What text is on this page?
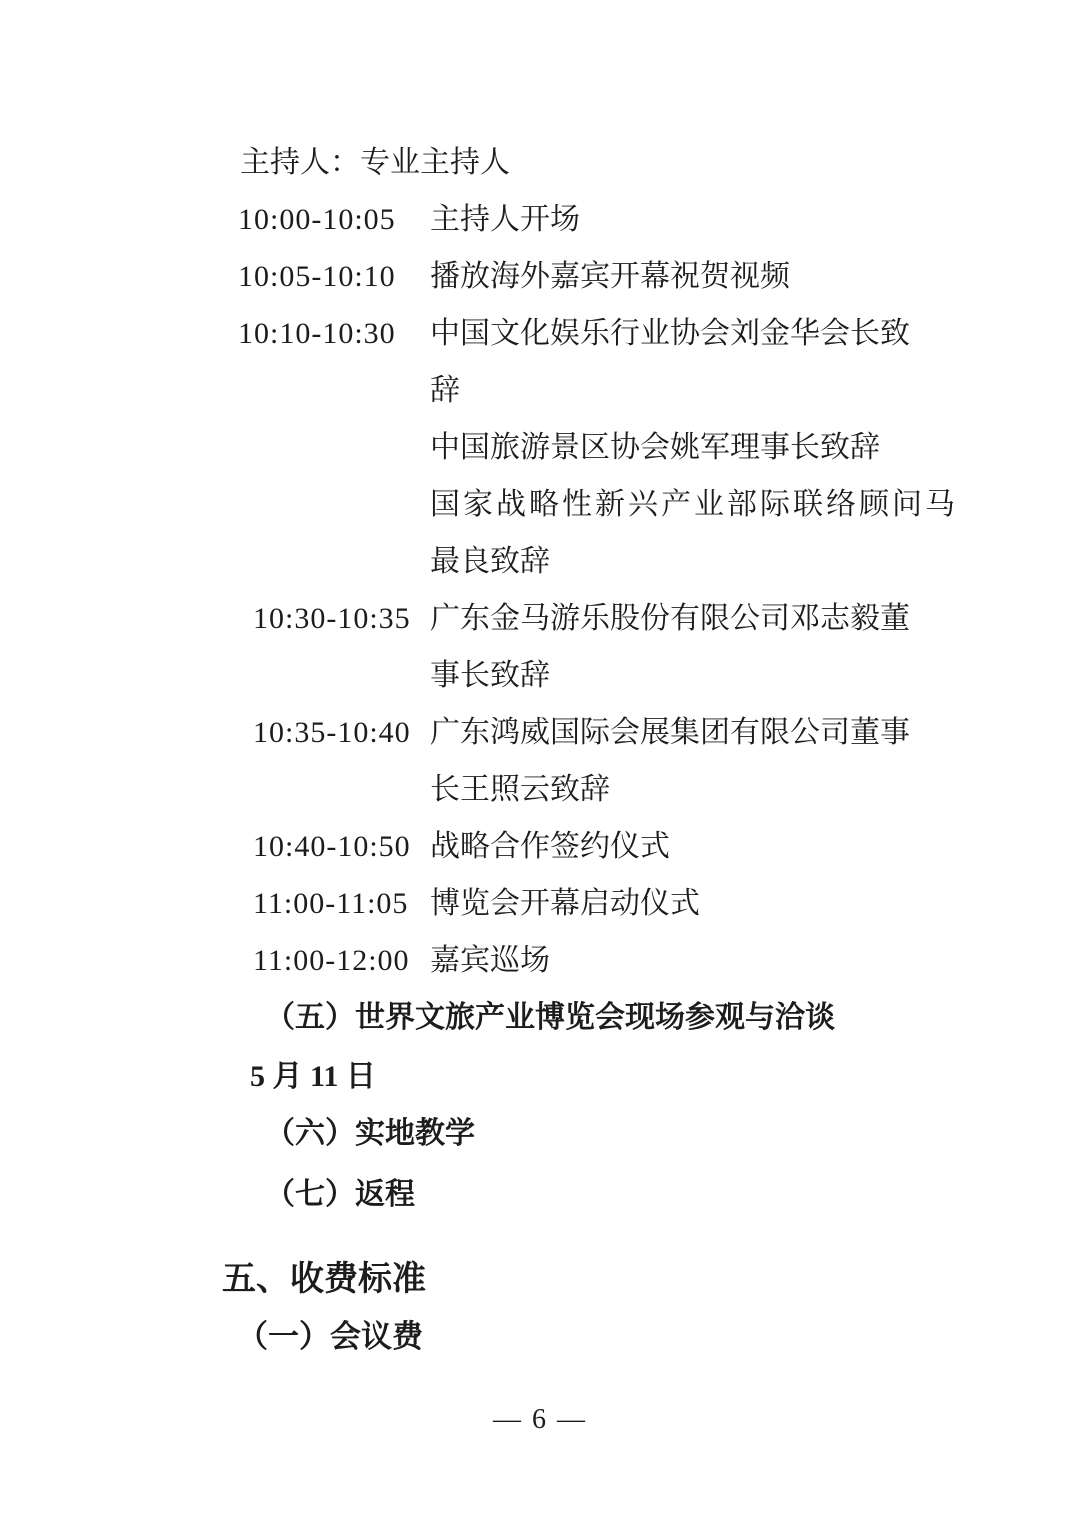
主持人：专业主持人
10:00-10:05	主持人开场
10:05-10:10	播放海外嘉宾开幕祝贺视频
10:10-10:30	中国文化娱乐行业协会刘金华会长致
辞
中国旅游景区协会姚军理事长致辞
国家战略性新兴产业部际联络顾问马
最良致辞
10:30-10:35 广东金马游乐股份有限公司邓志毅董
事长致辞
10:35-10:40 广东鸿威国际会展集团有限公司董事
长王照云致辞
10:40-10:50 战略合作签约仪式
11:00-11:05 博览会开幕启动仪式
11:00-12:00 嘉宾巡场
（五）世界文旅产业博览会现场参观与洽谈
5 月 11 日
（六）实地教学
（七）返程
五、收费标准
（一）会议费
— 6 —
